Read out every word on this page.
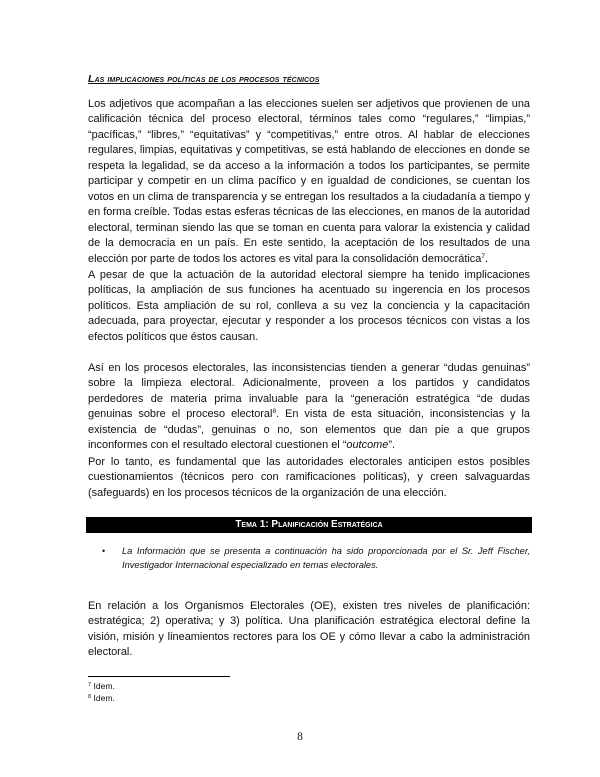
Las implicaciones políticas de los procesos técnicos

Los adjetivos que acompañan a las elecciones suelen ser adjetivos que provienen de una calificación técnica del proceso electoral, términos tales como “regulares,” “limpias,” “pacíficas,” “libres,” “equitativas” y “competitivas,” entre otros. Al hablar de elecciones regulares, limpias, equitativas y competitivas, se está hablando de elecciones en donde se respeta la legalidad, se da acceso a la información a todos los participantes, se permite participar y competir en un clima pacífico y en igualdad de condiciones, se cuentan los votos en un clima de transparencia y se entregan los resultados a la ciudadanía a tiempo y en forma creíble. Todas estas esferas técnicas de las elecciones, en manos de la autoridad electoral, terminan siendo las que se toman en cuenta para valorar la existencia y calidad de la democracia en un país. En este sentido, la aceptación de los resultados de una elección por parte de todos los actores es vital para la consolidación democrática$^7$.

A pesar de que la actuación de la autoridad electoral siempre ha tenido implicaciones políticas, la ampliación de sus funciones ha acentuado su ingerencia en los procesos políticos. Esta ampliación de su rol, conlleva a su vez la conciencia y la capacitación adecuada, para proyectar, ejecutar y responder a los procesos técnicos con vistas a los efectos políticos que éstos causan.

Así en los procesos electorales, las inconsistencias tienden a generar “dudas genuinas” sobre la limpieza electoral. Adicionalmente, proveen a los partidos y candidatos perdedores de materia prima invaluable para la “generación estratégica “de dudas genuinas sobre el proceso electoral$^8$. En vista de esta situación, inconsistencias y la existencia de “dudas”, genuinas o no, son elementos que dan pie a que grupos inconformes con el resultado electoral cuestionen el “outcome”.

Por lo tanto, es fundamental que las autoridades electorales anticipen estos posibles cuestionamientos (técnicos pero con ramificaciones políticas), y creen salvaguardas (safeguards) en los procesos técnicos de la organización de una elección.

Tema 1: Planificación Estratégica
•	La Información que se presenta a continuación ha sido proporcionada por el Sr. Jeff Fischer, Investigador Internacional especializado en temas electorales.

En relación a los Organismos Electorales (OE), existen tres niveles de planificación: estratégica; 2) operativa; y 3) política. Una planificación estratégica electoral define la visión, misión y lineamientos rectores para los OE y cómo llevar a cabo la administración electoral.

$^7$ Idem.
$^8$ Idem.
8
